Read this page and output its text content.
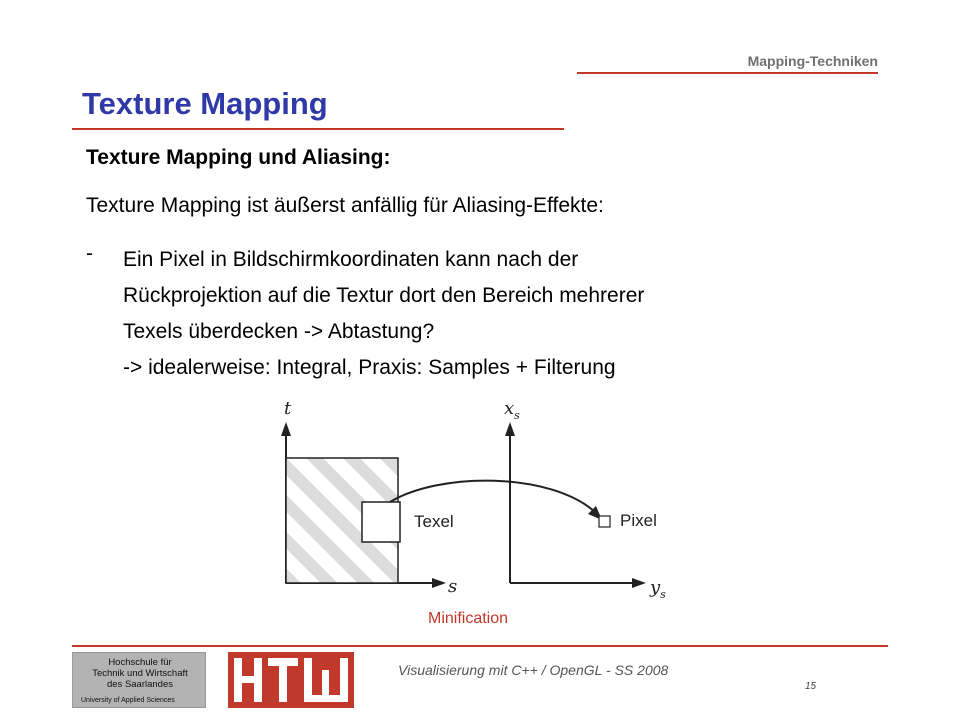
Mapping-Techniken
Texture Mapping
Texture Mapping und Aliasing:
Texture Mapping ist äußerst anfällig für Aliasing-Effekte:
- Ein Pixel in Bildschirmkoordinaten kann nach der
Rückprojektion auf die Textur dort den Bereich mehrerer
Texels überdecken -> Abtastung?
-> idealerweise: Integral, Praxis: Samples + Filterung
t
s
$x_s$
$y_s$
Texel	Pixel
Minification
Hochschule für
Technik und Wirtschaft
des Saarlandes
University of Applied Sciences
Visualisierung mit C++ / OpenGL - SS 2008
15
